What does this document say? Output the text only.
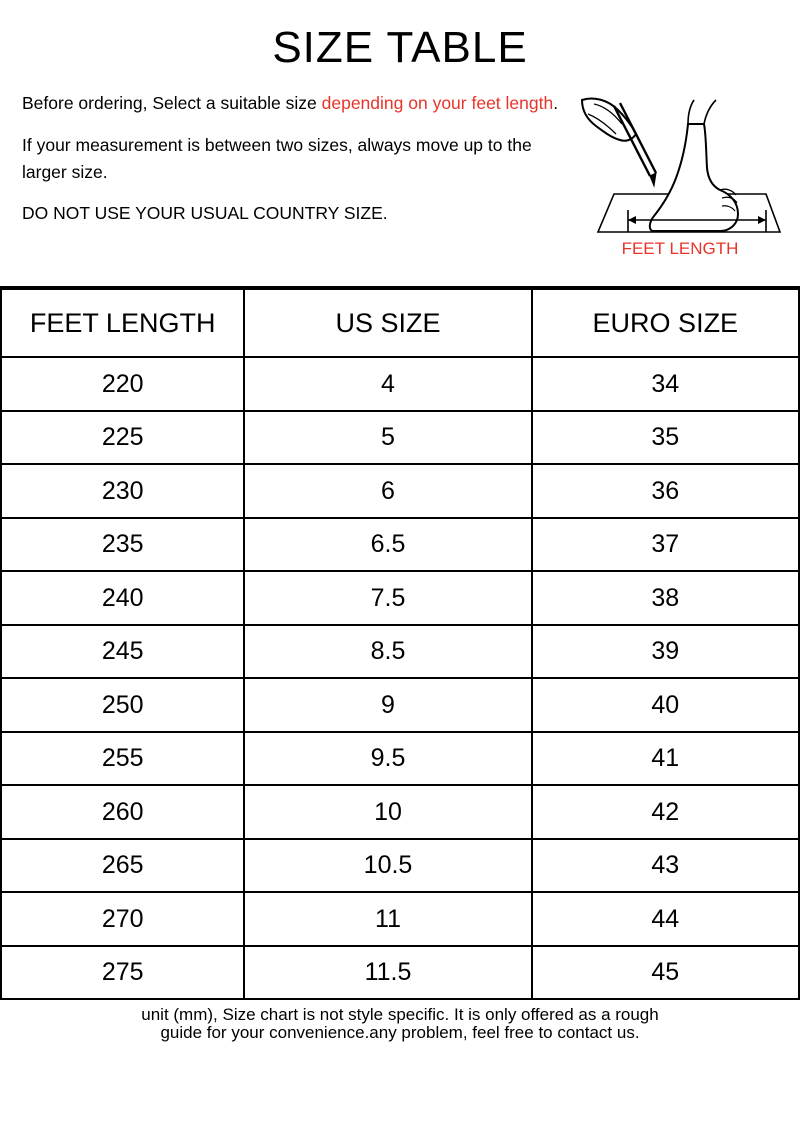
SIZE TABLE

Before ordering, Select a suitable size depending on your feet length.

If your measurement is between two sizes, always move up to the larger size.

DO NOT USE YOUR USUAL COUNTRY SIZE.

FEET LENGTH
FEET LENGTH	US SIZE	EURO SIZE
220	4	34
225	5	35
230	6	36
235	6.5	37
240	7.5	38
245	8.5	39
250	9	40
255	9.5	41
260	10	42
265	10.5	43
270	11	44
275	11.5	45
unit (mm), Size chart is not style specific. It is only offered as a rough
guide for your convenience.any problem, feel free to contact us.
